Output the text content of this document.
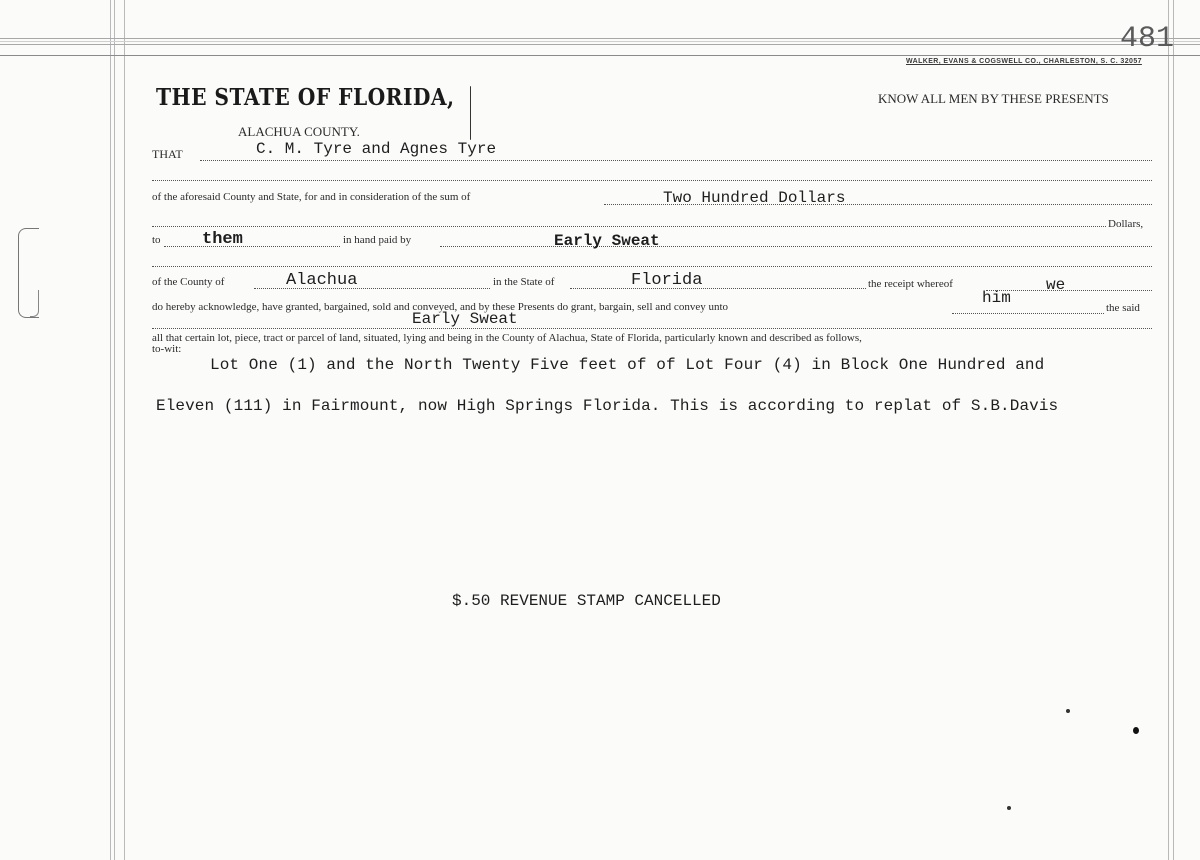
481
WALKER, EVANS & COGSWELL CO., CHARLESTON, S. C. 32057
THE STATE OF FLORIDA,	KNOW ALL MEN BY THESE PRESENTS
ALACHUA COUNTY.
THAT	C. M. Tyre and Agnes Tyre
of the aforesaid County and State, for and in consideration of the sum of	Two Hundred Dollars
Dollars,
to them	in hand paid by	Early Sweat
of the County of	Alachua	in the State of	Florida	the receipt whereof	we
him
do hereby acknowledge, have granted, bargained, sold and conveyed, and by these Presents do grant, bargain, sell and convey unto	the said
Early Sweat
all that certain lot, piece, tract or parcel of land, situated, lying and being in the County of Alachua, State of Florida, particularly known and described as follows,
to-wit:
Lot One (1) and the North Twenty Five feet of of Lot Four (4) in Block One Hundred and
Eleven (111) in Fairmount, now High Springs Florida. This is according to replat of S.B.Davis
$.50 REVENUE STAMP CANCELLED
